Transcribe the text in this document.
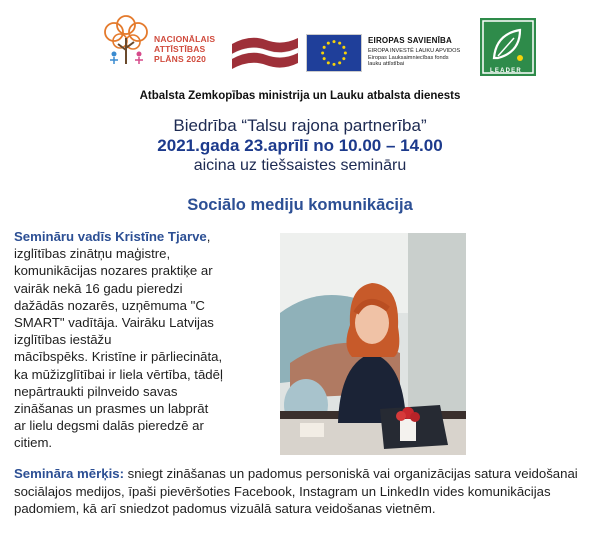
NACIONĀLAIS
ATTĪSTĪBAS
PLĀNS 2020
EIROPAS SAVIENĪBA
EIROPA INVESTĒ LAUKU APVIDOS
Eiropas Lauksaimniecības fonds
lauku attīstībai
LEADER
Atbalsta Zemkopības ministrija un Lauku atbalsta dienests
Biedrība “Talsu rajona partnerība”
2021.gada 23.aprīlī no 10.00 – 14.00
aicina uz tiešsaistes semināru
Sociālo mediju komunikācija
Semināru vadīs Kristīne Tjarve,
izglītības zinātņu maģistre,
komunikācijas nozares praktiķe ar
vairāk nekā 16 gadu pieredzi
dažādās nozarēs, uzņēmuma "C
SMART" vadītāja. Vairāku Latvijas
izglītības iestāžu
mācībspēks. Kristīne ir pārliecināta,
ka mūžizglītībai ir liela vērtība, tādēļ
nepārtraukti pilnveido savas
zināšanas un prasmes un labprāt
ar lielu degsmi dalās pieredzē ar
citiem.
Semināra mērķis: sniegt zināšanas un padomus personiskā vai organizācijas satura veidošanai sociālajos medijos, īpaši pievēršoties Facebook, Instagram un LinkedIn vides komunikācijas padomiem, kā arī sniedzot padomus vizuālā satura veidošanas vietnēm.
